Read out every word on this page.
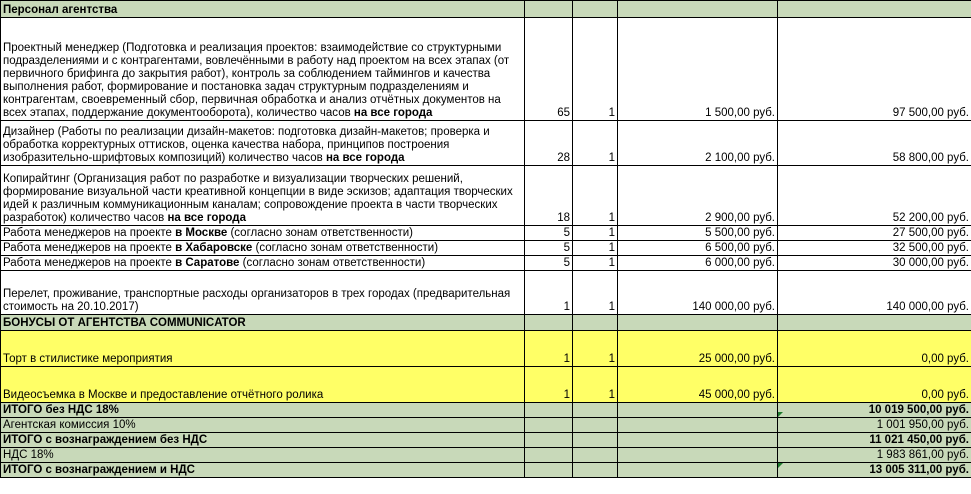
Персонал агентства				
Проектный менеджер (Подготовка и реализация проектов: взаимодействие со структурными подразделениями и с контрагентами, вовлечёнными в работу над проектом на всех этапах (от первичного брифинга до закрытия работ), контроль за соблюдением таймингов и качества выполнения работ, формирование и постановка задач структурным подразделениям и контрагентам, своевременный сбор, первичная обработка и анализ отчётных документов на всех этапах, поддержание документооборота), количество часов на все города	65	1	1 500,00 руб.	97 500,00 руб.
Дизайнер (Работы по реализации дизайн-макетов: подготовка дизайн-макетов; проверка и обработка корректурных оттисков, оценка качества набора, принципов построения изобразительно-шрифтовых композиций) количество часов на все города	28	1	2 100,00 руб.	58 800,00 руб.
Копирайтинг (Организация работ по разработке и визуализации творческих решений, формирование визуальной части креативной концепции в виде эскизов; адаптация творческих идей к различным коммуникационным каналам; сопровождение проекта в части творческих разработок) количество часов на все города	18	1	2 900,00 руб.	52 200,00 руб.
Работа менеджеров на проекте в Москве (согласно зонам ответственности)	5	1	5 500,00 руб.	27 500,00 руб.
Работа менеджеров на проекте в Хабаровске (согласно зонам ответственности)	5	1	6 500,00 руб.	32 500,00 руб.
Работа менеджеров на проекте в Саратове (согласно зонам ответственности)	5	1	6 000,00 руб.	30 000,00 руб.
Перелет, проживание, транспортные расходы организаторов в трех городах (предварительная стоимость на 20.10.2017)	1	1	140 000,00 руб.	140 000,00 руб.
БОНУСЫ ОТ АГЕНТСТВА COMMUNICATOR				
Торт в стилистике мероприятия	1	1	25 000,00 руб.	0,00 руб.
Видеосъемка в Москве и предоставление отчётного ролика	1	1	45 000,00 руб.	0,00 руб.
ИТОГО без НДС 18%				10 019 500,00 руб.
Агентская комиссия 10%				1 001 950,00 руб.
ИТОГО с вознаграждением без НДС				11 021 450,00 руб.
НДС 18%				1 983 861,00 руб.
ИТОГО с вознаграждением и НДС				13 005 311,00 руб.
